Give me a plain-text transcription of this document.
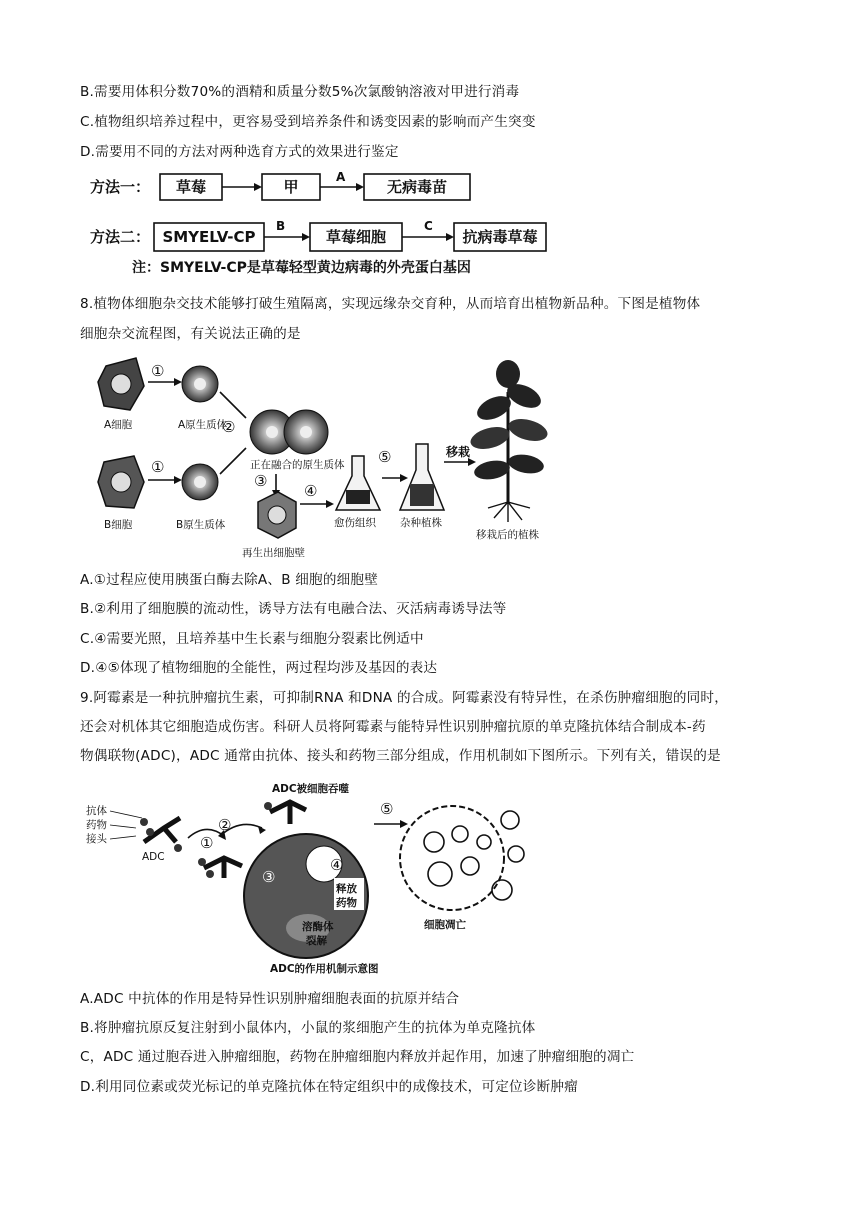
B.需要用体积分数70%的酒精和质量分数5%次氯酸钠溶液对甲进行消毒
C.植物组织培养过程中，更容易受到培养条件和诱变因素的影响而产生突变
D.需要用不同的方法对两种选育方式的效果进行鉴定
方法一： 草莓	甲
A
无病毒苗
方法二： SMYELV-CP
B
草莓细胞
C
抗病毒草莓
注：SMYELV-CP是草莓轻型黄边病毒的外壳蛋白基因
8.植物体细胞杂交技术能够打破生殖隔离，实现远缘杂交育种，从而培育出植物新品种。下图是植物体
细胞杂交流程图，有关说法正确的是
A细胞
①
A原生质体
B细胞
①
B原生质体
②
正在融合的原生质体
③
再生出细胞壁
④
愈伤组织
⑤
杂种植株
移栽
移栽后的植株
A.①过程应使用胰蛋白酶去除A、B 细胞的细胞壁
B.②利用了细胞膜的流动性，诱导方法有电融合法、灭活病毒诱导法等
C.④需要光照，且培养基中生长素与细胞分裂素比例适中
D.④⑤体现了植物细胞的全能性，两过程均涉及基因的表达
9.阿霉素是一种抗肿瘤抗生素，可抑制RNA 和DNA 的合成。阿霉素没有特异性，在杀伤肿瘤细胞的同时，
还会对机体其它细胞造成伤害。科研人员将阿霉素与能特异性识别肿瘤抗原的单克隆抗体结合制成本-药
物偶联物(ADC)，ADC 通常由抗体、接头和药物三部分组成，作用机制如下图所示。下列有关，错误的是
抗体
药物
接头
ADC
①
②
ADC被细胞吞噬
③
④
释放
药物
溶酶体
裂解
⑤
细胞凋亡
ADC的作用机制示意图
A.ADC 中抗体的作用是特异性识别肿瘤细胞表面的抗原并结合
B.将肿瘤抗原反复注射到小鼠体内，小鼠的浆细胞产生的抗体为单克隆抗体
C，ADC 通过胞吞进入肿瘤细胞，药物在肿瘤细胞内释放并起作用，加速了肿瘤细胞的凋亡
D.利用同位素或荧光标记的单克隆抗体在特定组织中的成像技术，可定位诊断肿瘤
